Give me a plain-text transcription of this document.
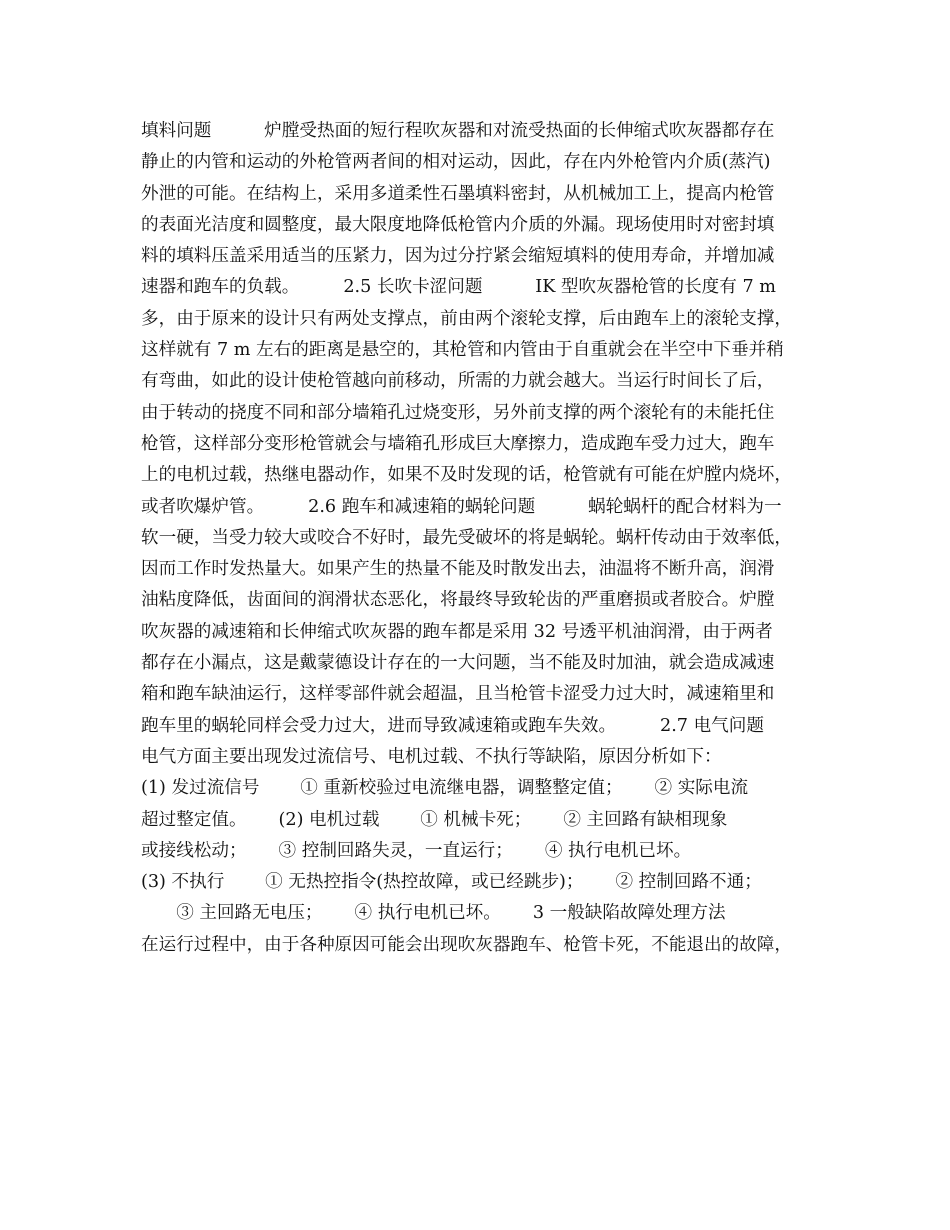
填料问题　　　炉膛受热面的短行程吹灰器和对流受热面的长伸缩式吹灰器都存在
静止的内管和运动的外枪管两者间的相对运动，因此，存在内外枪管内介质(蒸汽)
外泄的可能。在结构上，采用多道柔性石墨填料密封，从机械加工上，提高内枪管
的表面光洁度和圆整度，最大限度地降低枪管内介质的外漏。现场使用时对密封填
料的填料压盖采用适当的压紧力，因为过分拧紧会缩短填料的使用寿命，并增加减
速器和跑车的负载。　　　2.5 长吹卡涩问题　　　IK 型吹灰器枪管的长度有 7 m
多，由于原来的设计只有两处支撑点，前由两个滚轮支撑，后由跑车上的滚轮支撑，
这样就有 7 m 左右的距离是悬空的，其枪管和内管由于自重就会在半空中下垂并稍
有弯曲，如此的设计使枪管越向前移动，所需的力就会越大。当运行时间长了后，
由于转动的挠度不同和部分墙箱孔过烧变形，另外前支撑的两个滚轮有的未能托住
枪管，这样部分变形枪管就会与墙箱孔形成巨大摩擦力，造成跑车受力过大，跑车
上的电机过载，热继电器动作，如果不及时发现的话，枪管就有可能在炉膛内烧坏，
或者吹爆炉管。　　　2.6 跑车和减速箱的蜗轮问题　　　蜗轮蜗杆的配合材料为一
软一硬，当受力较大或咬合不好时，最先受破坏的将是蜗轮。蜗杆传动由于效率低，
因而工作时发热量大。如果产生的热量不能及时散发出去，油温将不断升高，润滑
油粘度降低，齿面间的润滑状态恶化，将最终导致轮齿的严重磨损或者胶合。炉膛
吹灰器的减速箱和长伸缩式吹灰器的跑车都是采用 32 号透平机油润滑，由于两者
都存在小漏点，这是戴蒙德设计存在的一大问题，当不能及时加油，就会造成减速
箱和跑车缺油运行，这样零部件就会超温，且当枪管卡涩受力过大时，减速箱里和
跑车里的蜗轮同样会受力过大，进而导致减速箱或跑车失效。　　　2.7 电气问题
电气方面主要出现发过流信号、电机过载、不执行等缺陷，原因分析如下：
(1) 发过流信号　　 ① 重新校验过电流继电器，调整整定值；　　 ② 实际电流
超过整定值。　　 (2) 电机过载　　 ① 机械卡死；　　 ② 主回路有缺相现象
或接线松动；　　 ③ 控制回路失灵，一直运行；　　 ④ 执行电机已坏。
(3) 不执行　　 ① 无热控指令(热控故障，或已经跳步)；　　 ② 控制回路不通；
　　③ 主回路无电压；　　 ④ 执行电机已坏。　　 3 一般缺陷故障处理方法
在运行过程中，由于各种原因可能会出现吹灰器跑车、枪管卡死，不能退出的故障，
